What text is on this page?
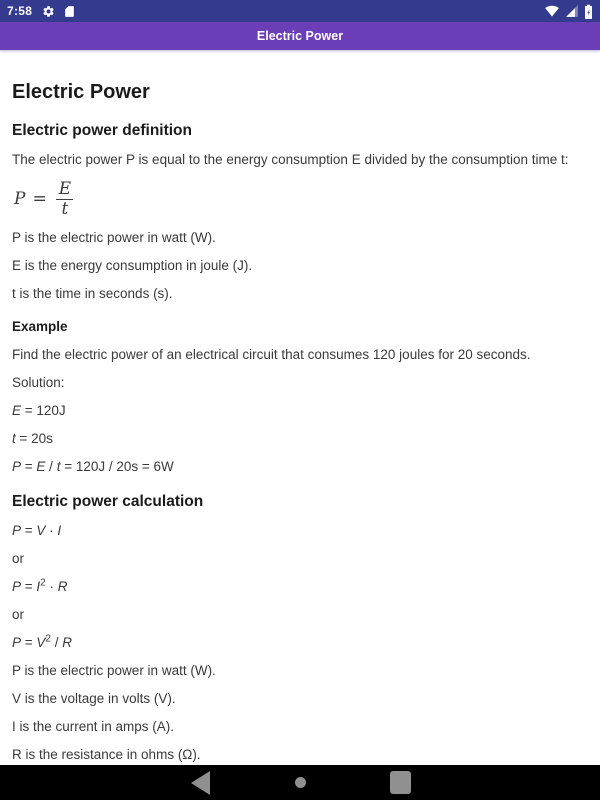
7:58
Electric Power
Electric Power
Electric power definition
The electric power P is equal to the energy consumption E divided by the consumption time t:
$P = \frac{E}{t}$
P is the electric power in watt (W).
E is the energy consumption in joule (J).
t is the time in seconds (s).
Example
Find the electric power of an electrical circuit that consumes 120 joules for 20 seconds.
Solution:
E = 120J
t = 20s
P = E / t = 120J / 20s = 6W
Electric power calculation
P = V · I
or
$P = I^2 \cdot R$
or
$P = V^2 / R$
P is the electric power in watt (W).
V is the voltage in volts (V).
I is the current in amps (A).
R is the resistance in ohms (Ω).
